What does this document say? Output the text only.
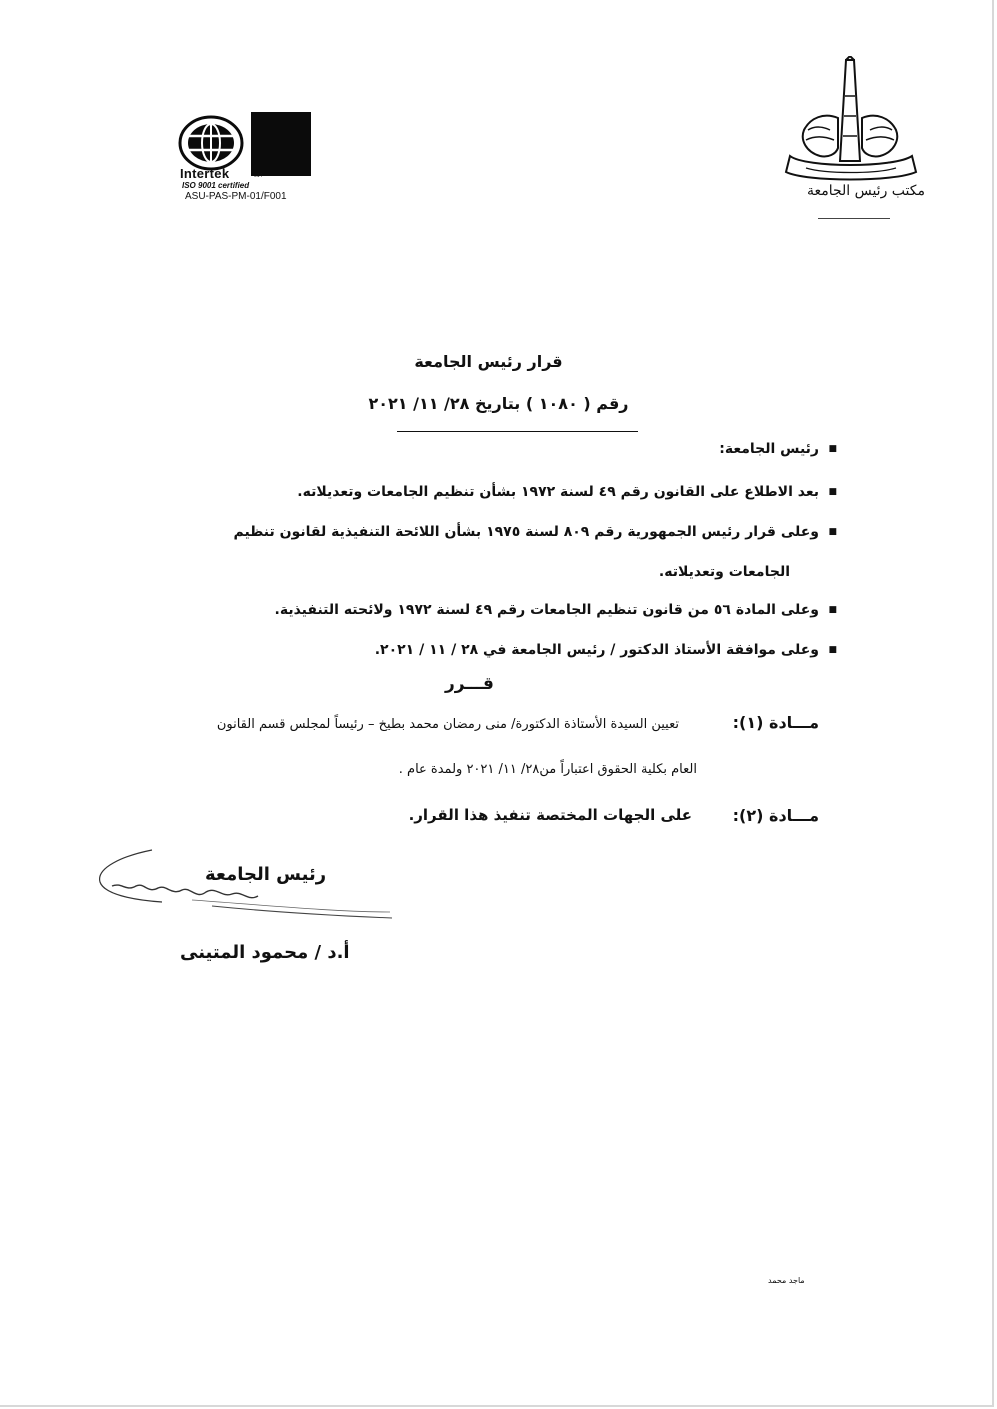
Intertek	014
ISO 9001 certified
ASU-PAS-PM-01/F001	مكتب رئيس الجامعة
قرار رئيس الجامعة
رقم ( ١٠٨٠ ) بتاريخ ٢٨/ ١١/ ٢٠٢١
رئيس الجامعة: ■
بعد الاطلاع على القانون رقم ٤٩ لسنة ١٩٧٢ بشأن تنظيم الجامعات وتعديلاته. ■
وعلى قرار رئيس الجمهورية رقم ٨٠٩ لسنة ١٩٧٥ بشأن اللائحة التنفيذية لقانون تنظيم ■
الجامعات وتعديلاته.
وعلى المادة ٥٦ من قانون تنظيم الجامعات رقم ٤٩ لسنة ١٩٧٢ ولائحته التنفيذية. ■
وعلى موافقة الأستاذ الدكتور / رئيس الجامعة في ٢٨ / ١١ / ٢٠٢١. ■
قـــرر
مـــادة (١):
تعيين السيدة الأستاذة الدكتورة/ منى رمضان محمد بطيخ – رئيساً لمجلس قسم القانون
العام بكلية الحقوق اعتباراً من٢٨/ ١١/ ٢٠٢١ ولمدة عام .
مـــادة (٢):
على الجهات المختصة تنفيذ هذا القرار.
رئيس الجامعة
أ.د / محمود المتينى
ماجد محمد
